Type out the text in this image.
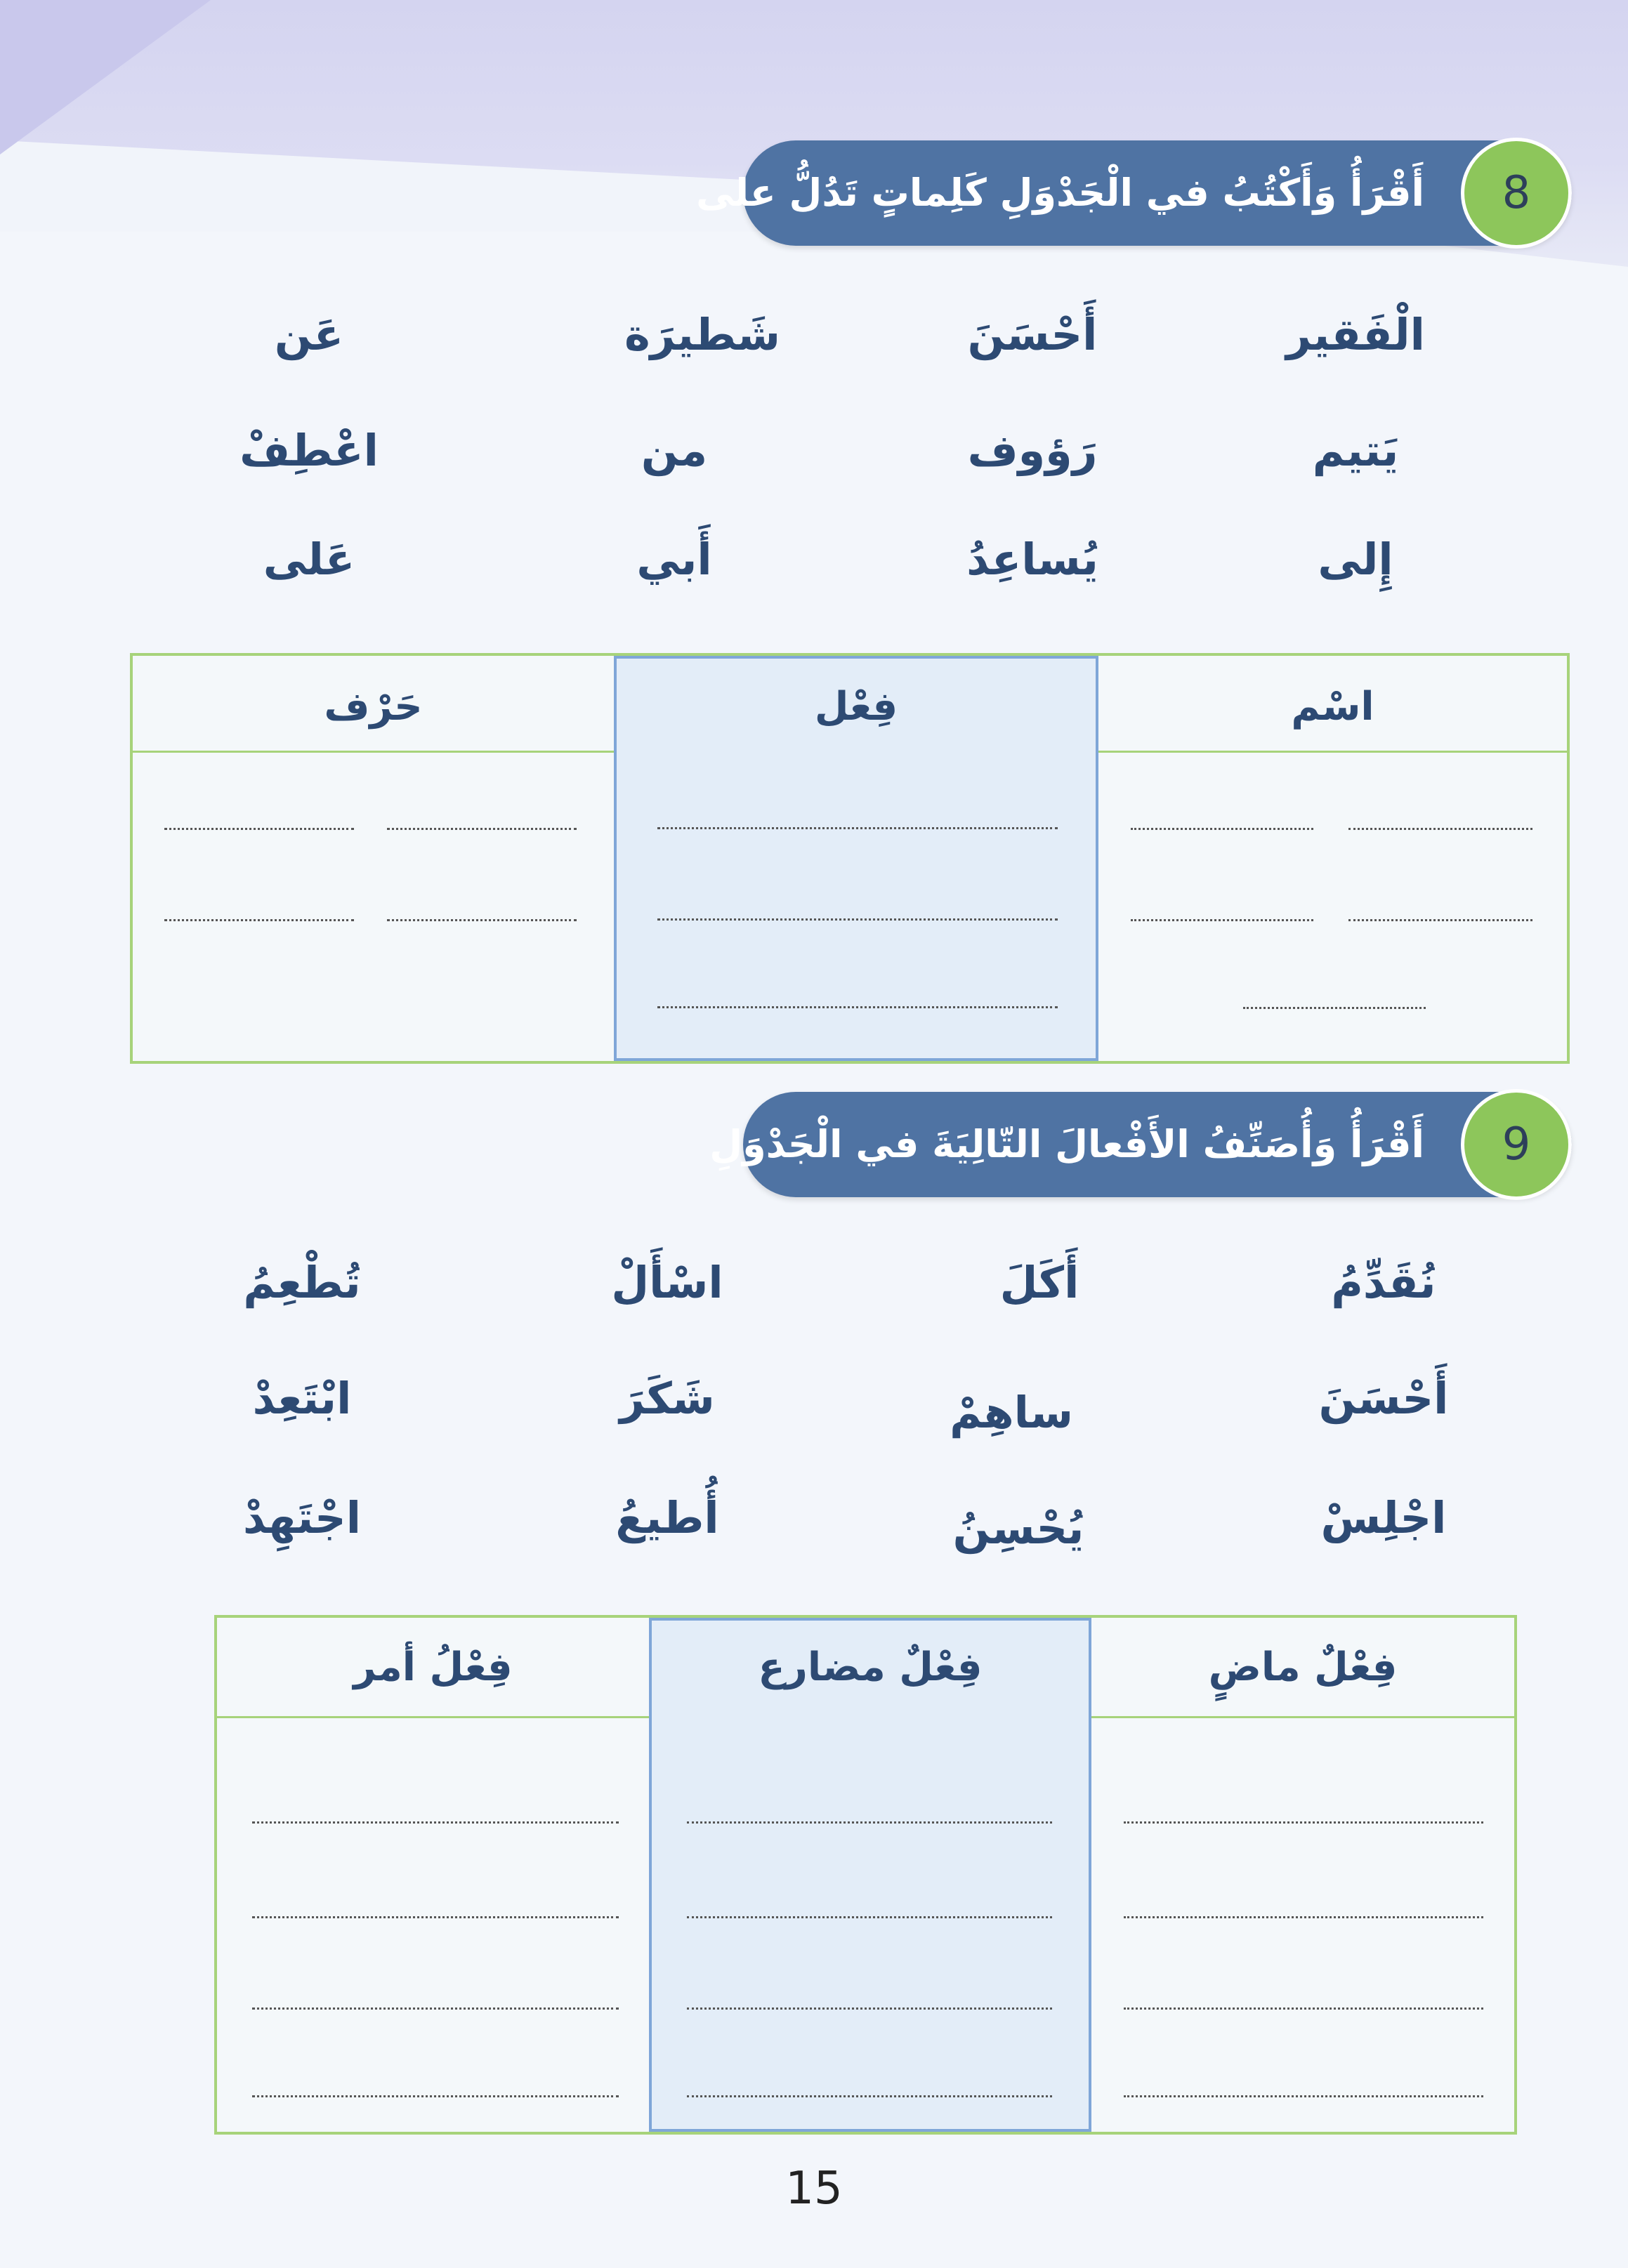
أَقْرَأُ وَأَكْتُبُ في الْجَدْوَلِ كَلِماتٍ تَدُلُّ على	8
الْفَقير
أَحْسَنَ
شَطيرَة
عَن
يَتيم
رَؤوف
من
اعْطِفْ
إِلى
يُساعِدُ
أَبي
عَلى
اسْم
فِعْل
حَرْف
أَقْرَأُ وَأُصَنِّفُ الأَفْعالَ التّالِيَةَ في الْجَدْوَلِ	9
نُقَدِّمُ
أَكَلَ
اسْأَلْ
تُطْعِمُ
أَحْسَنَ
ساهِمْ
شَكَرَ
ابْتَعِدْ
اجْلِسْ
يُحْسِنُ
أُطيعُ
اجْتَهِدْ
فِعْلٌ ماضٍ
فِعْلٌ مضارع
فِعْلُ أمر
15
